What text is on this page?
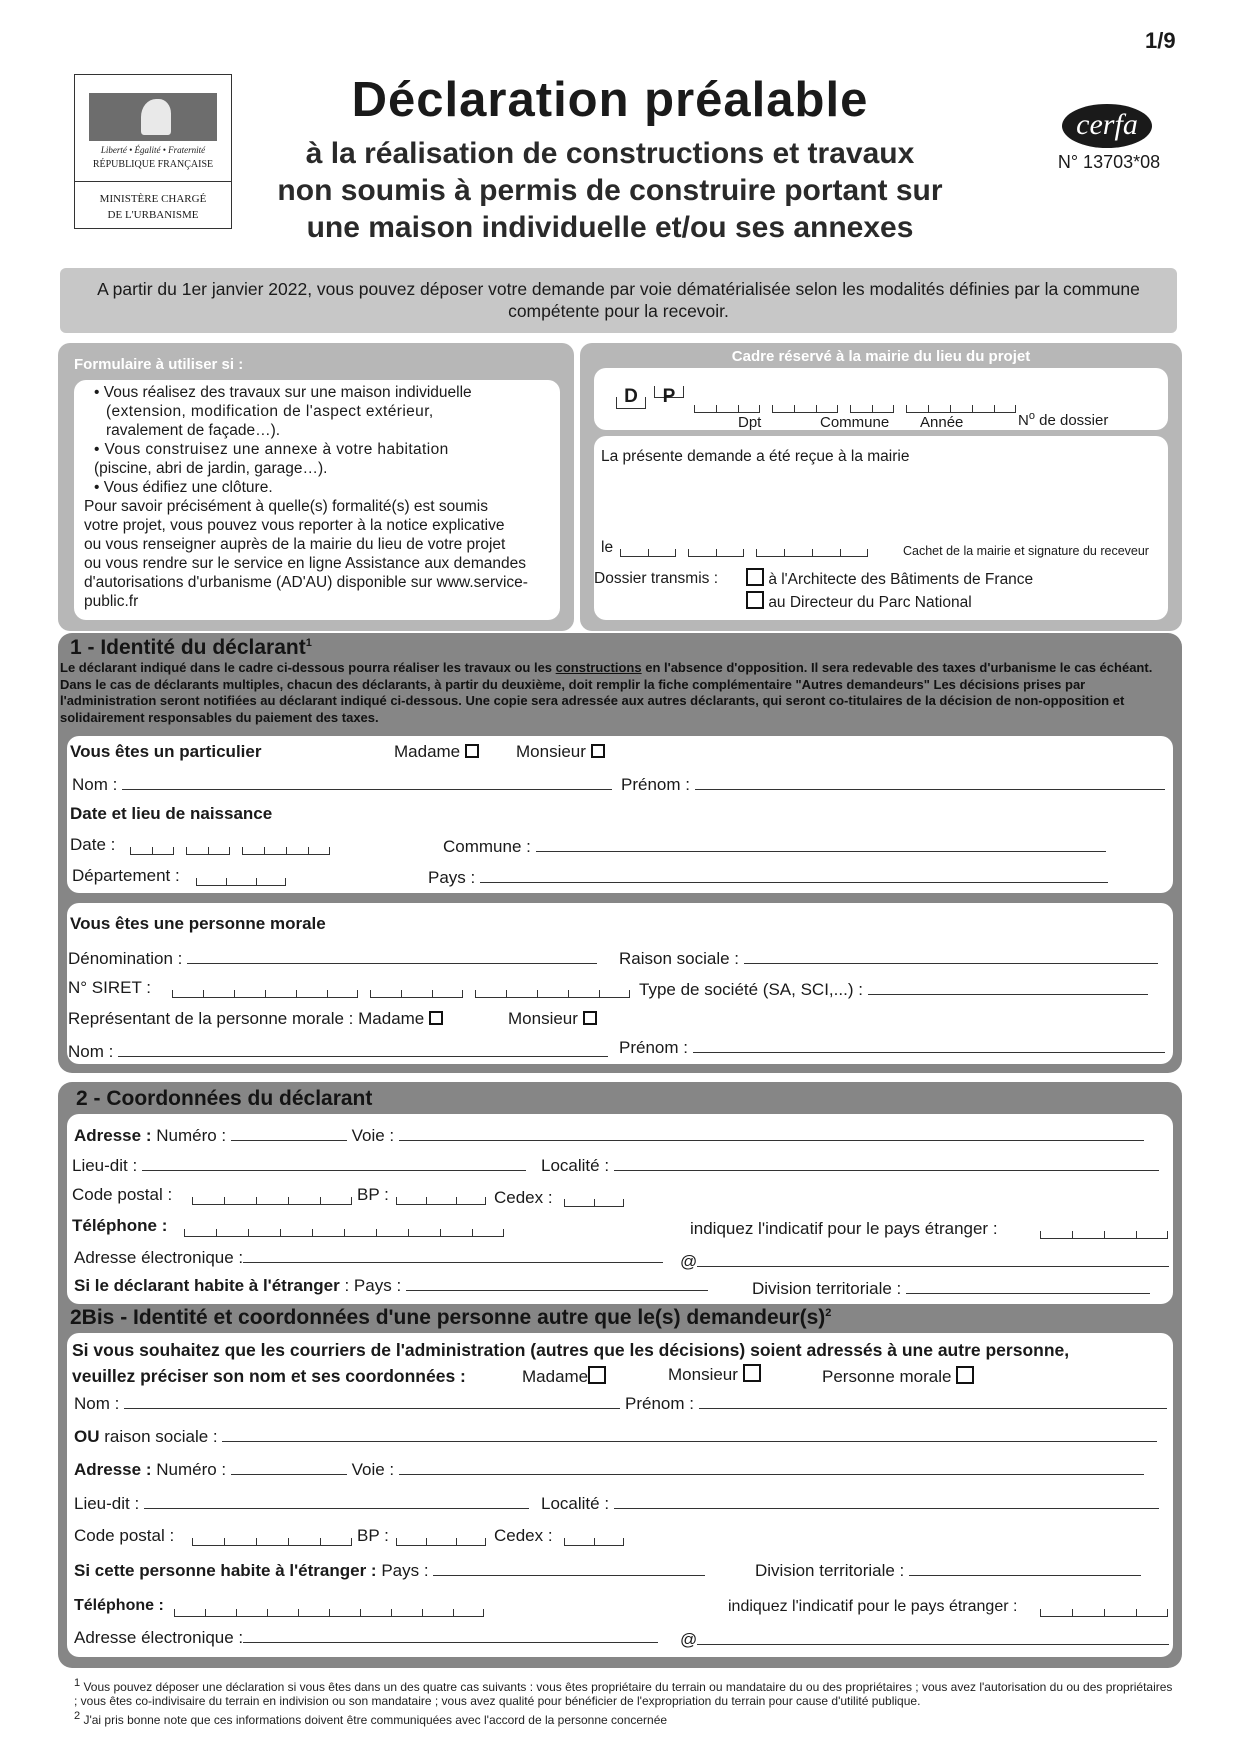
1/9
Liberté • Égalité • Fraternité
RÉPUBLIQUE FRANÇAISE
MINISTÈRE CHARGÉ
DE L'URBANISME
Déclaration préalable
à la réalisation de constructions et travaux
non soumis à permis de construire portant sur
une maison individuelle et/ou ses annexes
cerfa
N° 13703*08
A partir du 1er janvier 2022, vous pouvez déposer votre demande par voie dématérialisée selon les modalités définies par la commune compétente pour la recevoir.
Formulaire à utiliser si :
• Vous réalisez des travaux sur une maison individuelle
(extension, modification de l'aspect extérieur,
ravalement de façade…).
• Vous construisez une annexe à votre habitation
(piscine, abri de jardin, garage…).
• Vous édifiez une clôture.
Pour savoir précisément à quelle(s) formalité(s) est soumis
votre projet, vous pouvez vous reporter à la notice explicative
ou vous renseigner auprès de la mairie du lieu de votre projet
ou vous rendre sur le service en ligne Assistance aux demandes
d'autorisations d'urbanisme (AD'AU) disponible sur www.service-
public.fr
Cadre réservé à la mairie du lieu du projet
D P
Dpt	Commune Année	$N^o$ de dossier
La présente demande a été reçue à la mairie
le	Cachet de la mairie et signature du receveur
Dossier transmis :	à l'Architecte des Bâtiments de France
au Directeur du Parc National
1 - Identité du déclarant$^1$
Le déclarant indiqué dans le cadre ci-dessous pourra réaliser les travaux ou les constructions en l'absence d'opposition. Il sera redevable des taxes d'urbanisme le cas échéant. Dans le cas de déclarants multiples, chacun des déclarants, à partir du deuxième, doit remplir la fiche complémentaire "Autres demandeurs" Les décisions prises par l'administration seront notifiées au déclarant indiqué ci-dessous. Une copie sera adressée aux autres déclarants, qui seront co-titulaires de la décision de non-opposition et solidairement responsables du paiement des taxes.
Vous êtes un particulier	Madame	Monsieur
Nom :	Prénom :
Date et lieu de naissance
Date :	Commune :
Département :	Pays :
Vous êtes une personne morale
Dénomination :	Raison sociale :
N° SIRET :	Type de société (SA, SCI,...) :
Représentant de la personne morale : Madame	Monsieur
Nom :	Prénom :
2 - Coordonnées du déclarant
Adresse : Numéro :	Voie :
Lieu-dit :	Localité :
Code postal :	BP :	Cedex :
Téléphone :	indiquez l'indicatif pour le pays étranger :
Adresse électronique :	@
Si le déclarant habite à l'étranger : Pays :	Division territoriale :
2Bis - Identité et coordonnées d'une personne autre que le(s) $demandeur(s)^2$
Si vous souhaitez que les courriers de l'administration (autres que les décisions) soient adressés à une autre personne,
veuillez préciser son nom et ses coordonnées :	Madame	Monsieur	Personne morale
Nom :	Prénom :
OU raison sociale :
Adresse : Numéro :	Voie :
Lieu-dit :	Localité :
Code postal :	BP :	Cedex :
Si cette personne habite à l'étranger : Pays :	Division territoriale :
Téléphone :	indiquez l'indicatif pour le pays étranger :
Adresse électronique :	@
$^1$ Vous pouvez déposer une déclaration si vous êtes dans un des quatre cas suivants : vous êtes propriétaire du terrain ou mandataire du ou des propriétaires ; vous avez l'autorisation du ou des propriétaires ; vous êtes co-indivisaire du terrain en indivision ou son mandataire ; vous avez qualité pour bénéficier de l'expropriation du terrain pour cause d'utilité publique.
$^2$ J'ai pris bonne note que ces informations doivent être communiquées avec l'accord de la personne concernée
